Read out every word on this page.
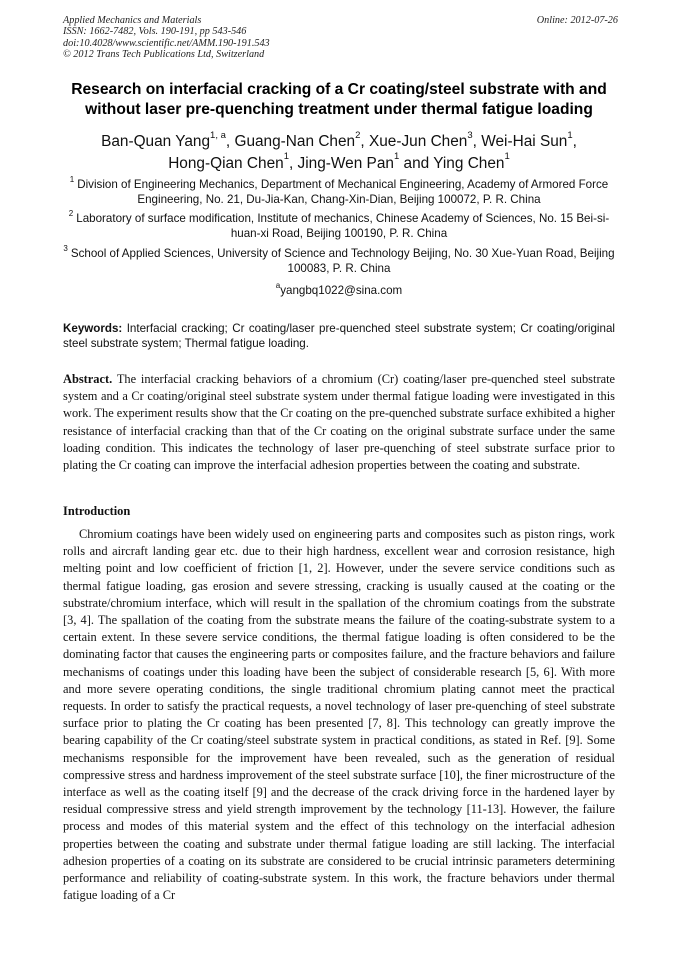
Applied Mechanics and Materials
ISSN: 1662-7482, Vols. 190-191, pp 543-546
doi:10.4028/www.scientific.net/AMM.190-191.543
© 2012 Trans Tech Publications Ltd, Switzerland
Online: 2012-07-26
Research on interfacial cracking of a Cr coating/steel substrate with and without laser pre-quenching treatment under thermal fatigue loading
Ban-Quan Yang$^{1, a}$, Guang-Nan Chen$^2$, Xue-Jun Chen$^3$, Wei-Hai Sun$^1$,
Hong-Qian Chen$^1$, Jing-Wen Pan$^1$ and Ying Chen$^1$
$^1$ Division of Engineering Mechanics, Department of Mechanical Engineering, Academy of Armored Force Engineering, No. 21, Du-Jia-Kan, Chang-Xin-Dian, Beijing 100072, P. R. China
$^2$ Laboratory of surface modification, Institute of mechanics, Chinese Academy of Sciences, No. 15 Bei-si-huan-xi Road, Beijing 100190, P. R. China
$^3$ School of Applied Sciences, University of Science and Technology Beijing, No. 30 Xue-Yuan Road, Beijing 100083, P. R. China
$^a$yangbq1022@sina.com
Keywords: Interfacial cracking; Cr coating/laser pre-quenched steel substrate system; Cr coating/original steel substrate system; Thermal fatigue loading.
Abstract. The interfacial cracking behaviors of a chromium (Cr) coating/laser pre-quenched steel substrate system and a Cr coating/original steel substrate system under thermal fatigue loading were investigated in this work. The experiment results show that the Cr coating on the pre-quenched substrate surface exhibited a higher resistance of interfacial cracking than that of the Cr coating on the original substrate surface under the same loading condition. This indicates the technology of laser pre-quenching of steel substrate surface prior to plating the Cr coating can improve the interfacial adhesion properties between the coating and substrate.
Introduction
Chromium coatings have been widely used on engineering parts and composites such as piston rings, work rolls and aircraft landing gear etc. due to their high hardness, excellent wear and corrosion resistance, high melting point and low coefficient of friction [1, 2]. However, under the severe service conditions such as thermal fatigue loading, gas erosion and severe stressing, cracking is usually caused at the coating or the substrate/chromium interface, which will result in the spallation of the chromium coatings from the substrate [3, 4]. The spallation of the coating from the substrate means the failure of the coating-substrate system to a certain extent. In these severe service conditions, the thermal fatigue loading is often considered to be the dominating factor that causes the engineering parts or composites failure, and the fracture behaviors and failure mechanisms of coatings under this loading have been the subject of considerable research [5, 6]. With more and more severe operating conditions, the single traditional chromium plating cannot meet the practical requests. In order to satisfy the practical requests, a novel technology of laser pre-quenching of steel substrate surface prior to plating the Cr coating has been presented [7, 8]. This technology can greatly improve the bearing capability of the Cr coating/steel substrate system in practical conditions, as stated in Ref. [9]. Some mechanisms responsible for the improvement have been revealed, such as the generation of residual compressive stress and hardness improvement of the steel substrate surface [10], the finer microstructure of the interface as well as the coating itself [9] and the decrease of the crack driving force in the hardened layer by residual compressive stress and yield strength improvement by the technology [11-13]. However, the failure process and modes of this material system and the effect of this technology on the interfacial adhesion properties between the coating and substrate under thermal fatigue loading are still lacking. The interfacial adhesion properties of a coating on its substrate are considered to be crucial intrinsic parameters determining performance and reliability of coating-substrate system. In this work, the fracture behaviors under thermal fatigue loading of a Cr
